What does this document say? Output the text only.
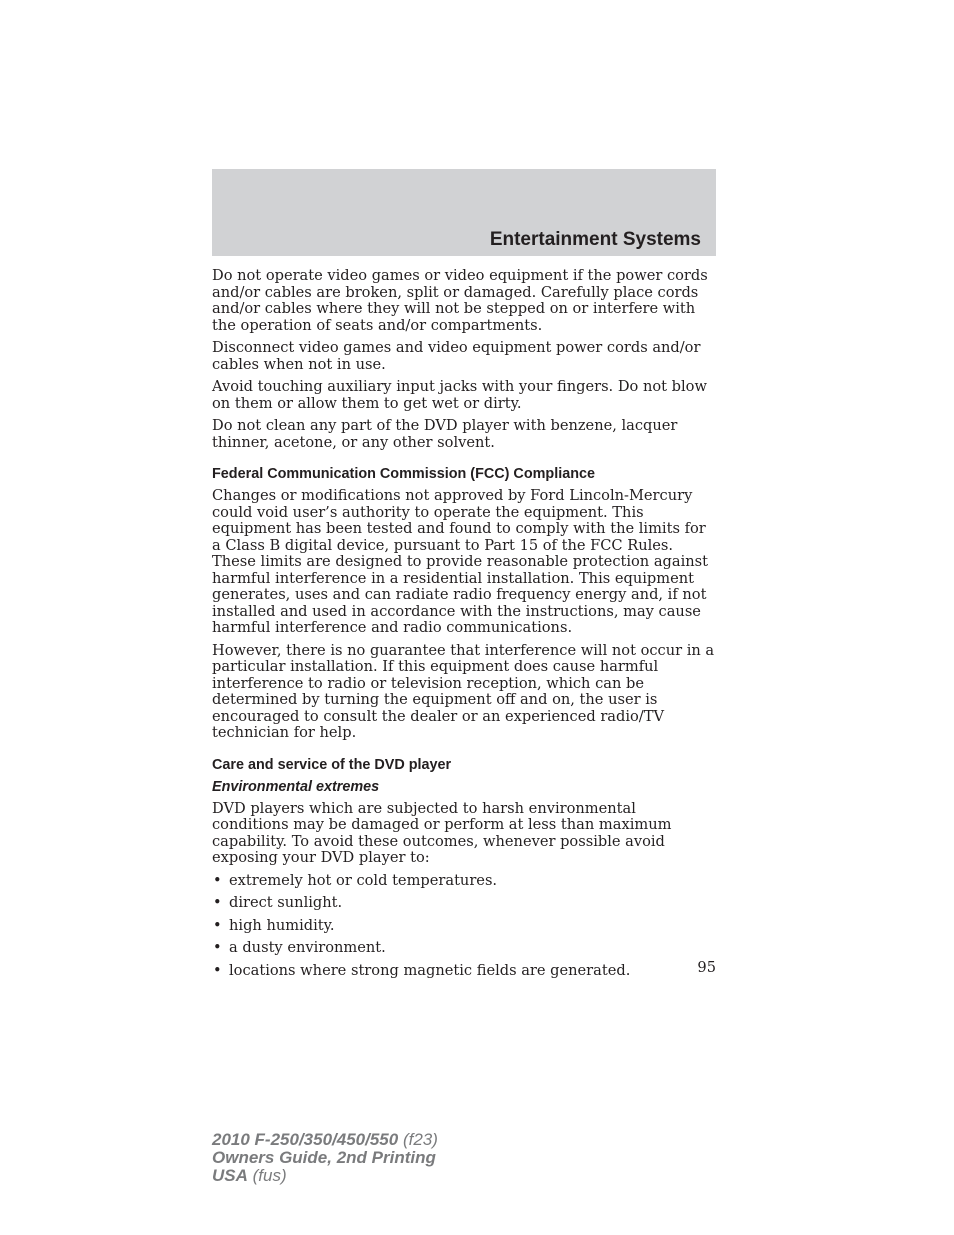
Entertainment Systems

Do not operate video games or video equipment if the power cords and/or cables are broken, split or damaged. Carefully place cords and/or cables where they will not be stepped on or interfere with the operation of seats and/or compartments.

Disconnect video games and video equipment power cords and/or cables when not in use.

Avoid touching auxiliary input jacks with your fingers. Do not blow on them or allow them to get wet or dirty.

Do not clean any part of the DVD player with benzene, lacquer thinner, acetone, or any other solvent.

Federal Communication Commission (FCC) Compliance

Changes or modifications not approved by Ford Lincoln-Mercury could void user’s authority to operate the equipment. This equipment has been tested and found to comply with the limits for a Class B digital device, pursuant to Part 15 of the FCC Rules. These limits are designed to provide reasonable protection against harmful interference in a residential installation. This equipment generates, uses and can radiate radio frequency energy and, if not installed and used in accordance with the instructions, may cause harmful interference and radio communications.

However, there is no guarantee that interference will not occur in a particular installation. If this equipment does cause harmful interference to radio or television reception, which can be determined by turning the equipment off and on, the user is encouraged to consult the dealer or an experienced radio/TV technician for help.

Care and service of the DVD player
Environmental extremes

DVD players which are subjected to harsh environmental conditions may be damaged or perform at less than maximum capability. To avoid these outcomes, whenever possible avoid exposing your DVD player to:

• extremely hot or cold temperatures.
• direct sunlight.
• high humidity.
• a dusty environment.
• locations where strong magnetic fields are generated.	95
2010 F-250/350/450/550 (f23)
Owners Guide, 2nd Printing
USA (fus)
